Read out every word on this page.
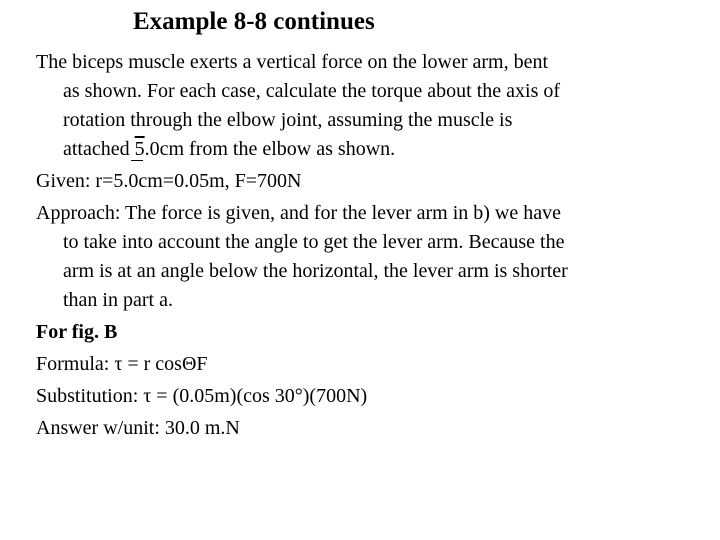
Example 8-8 continues
The biceps muscle exerts a vertical force on the lower arm, bent
as shown. For each case, calculate the torque about the axis of
rotation through the elbow joint, assuming the muscle is
attached 5.0cm from the elbow as shown.
Given: r=5.0cm=0.05m, F=700N
Approach: The force is given, and for the lever arm in b) we have
to take into account the angle to get the lever arm. Because the
arm is at an angle below the horizontal, the lever arm is shorter
than in part a.
For fig. B
Formula: τ = r cosΘF
Substitution: τ = (0.05m)(cos 30°)(700N)
Answer w/unit: 30.0 m.N
